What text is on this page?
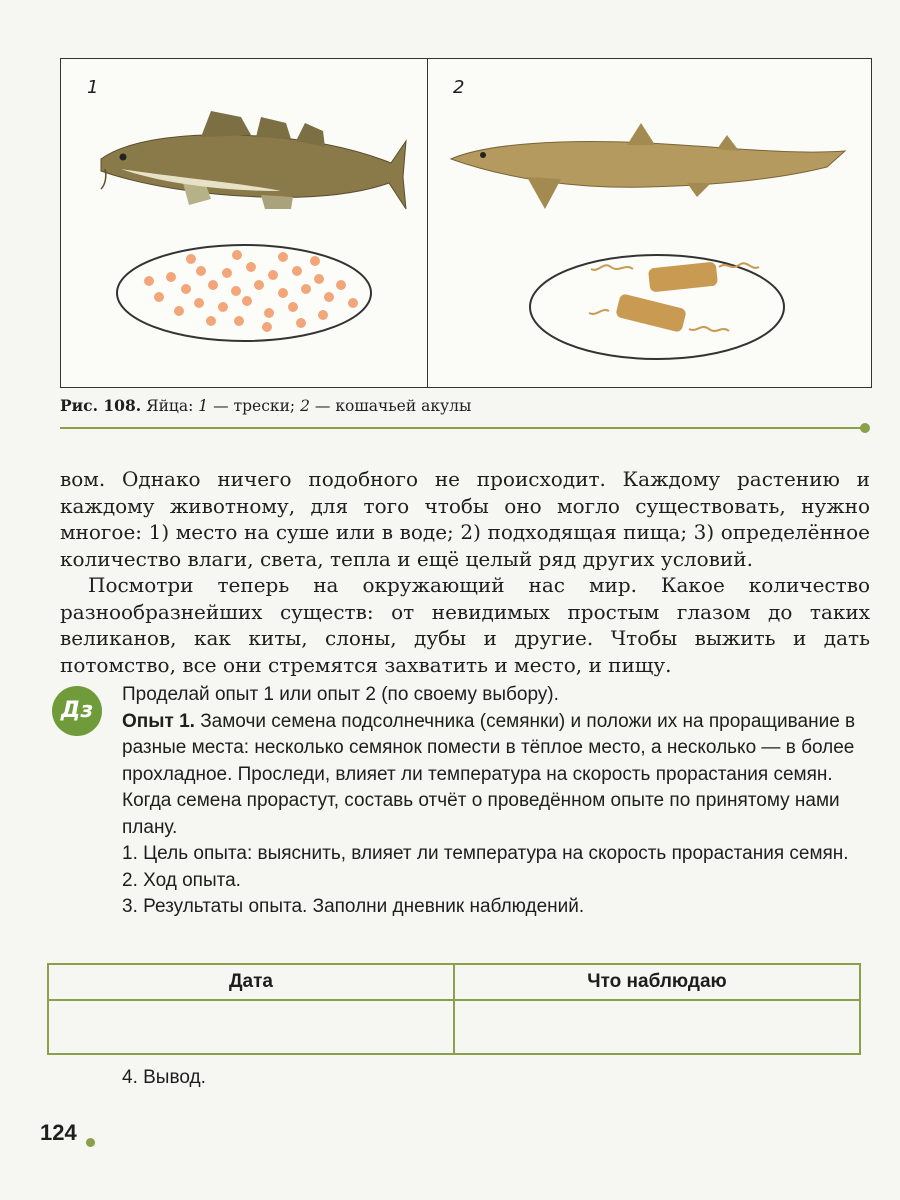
1	2
Рис. 108. Яйца: 1 — трески; 2 — кошачьей акулы

вом. Однако ничего подобного не происходит. Каждому растению и каждому животному, для того чтобы оно могло существовать, нужно многое: 1) место на суше или в воде; 2) подходящая пища; 3) определённое количество влаги, света, тепла и ещё целый ряд других условий.

Посмотри теперь на окружающий нас мир. Какое количество разнообразнейших существ: от невидимых простым глазом до таких великанов, как киты, слоны, дубы и другие. Чтобы выжить и дать потомство, все они стремятся захватить и место, и пищу.

Дз

Проделай опыт 1 или опыт 2 (по своему выбору).

Опыт 1. Замочи семена подсолнечника (семянки) и положи их на проращивание в разные места: несколько семянок помести в тёплое место, а несколько — в более прохладное. Проследи, влияет ли температура на скорость прорастания семян. Когда семена прорастут, составь отчёт о проведённом опыте по принятому нами плану.

1. Цель опыта: выяснить, влияет ли температура на скорость прорастания семян.

2. Ход опыта.

3. Результаты опыта. Заполни дневник наблюдений.

Дата	Что наблюдаю

4. Вывод.
124
